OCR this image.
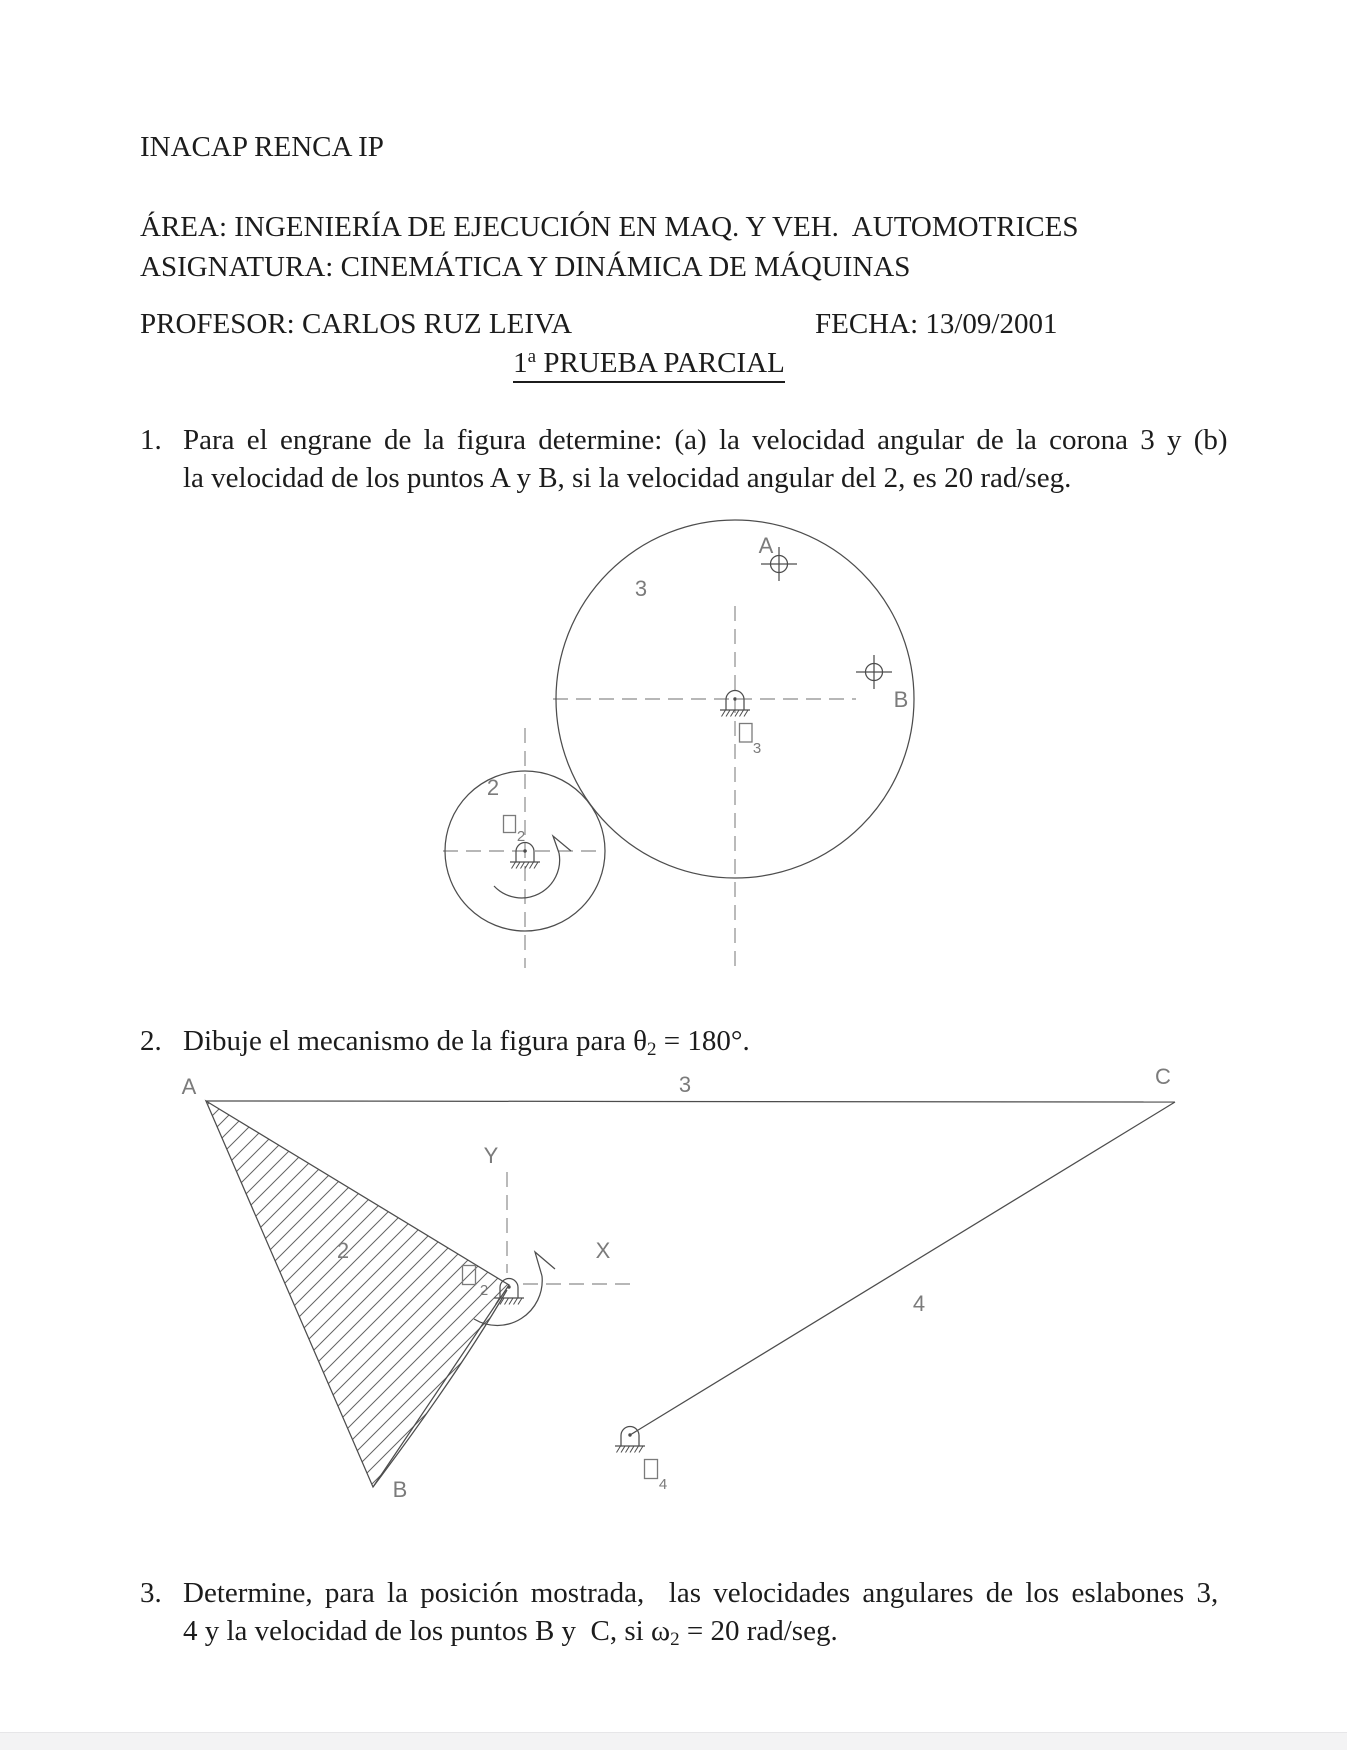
INACAP RENCA IP
ÁREA: INGENIERÍA DE EJECUCIÓN EN MAQ. Y VEH.  AUTOMOTRICES
ASIGNATURA: CINEMÁTICA Y DINÁMICA DE MÁQUINAS
PROFESOR: CARLOS RUZ LEIVA	FECHA: 13/09/2001
1$^a$ PRUEBA PARCIAL
1. Para el engrane de la figura determine: (a) la velocidad angular de la corona 3 y (b)
la velocidad de los puntos A y B, si la velocidad angular del 2, es 20 rad/seg.
3
2
A
B
3
2
2. Dibuje el mecanismo de la figura para θ2 = 180°.
A
B
C
2
3
4
X
Y
2
4
3. Determine, para la posición mostrada,  las velocidades angulares de los eslabones 3,
4 y la velocidad de los puntos B y  C, si ω2 = 20 rad/seg.
